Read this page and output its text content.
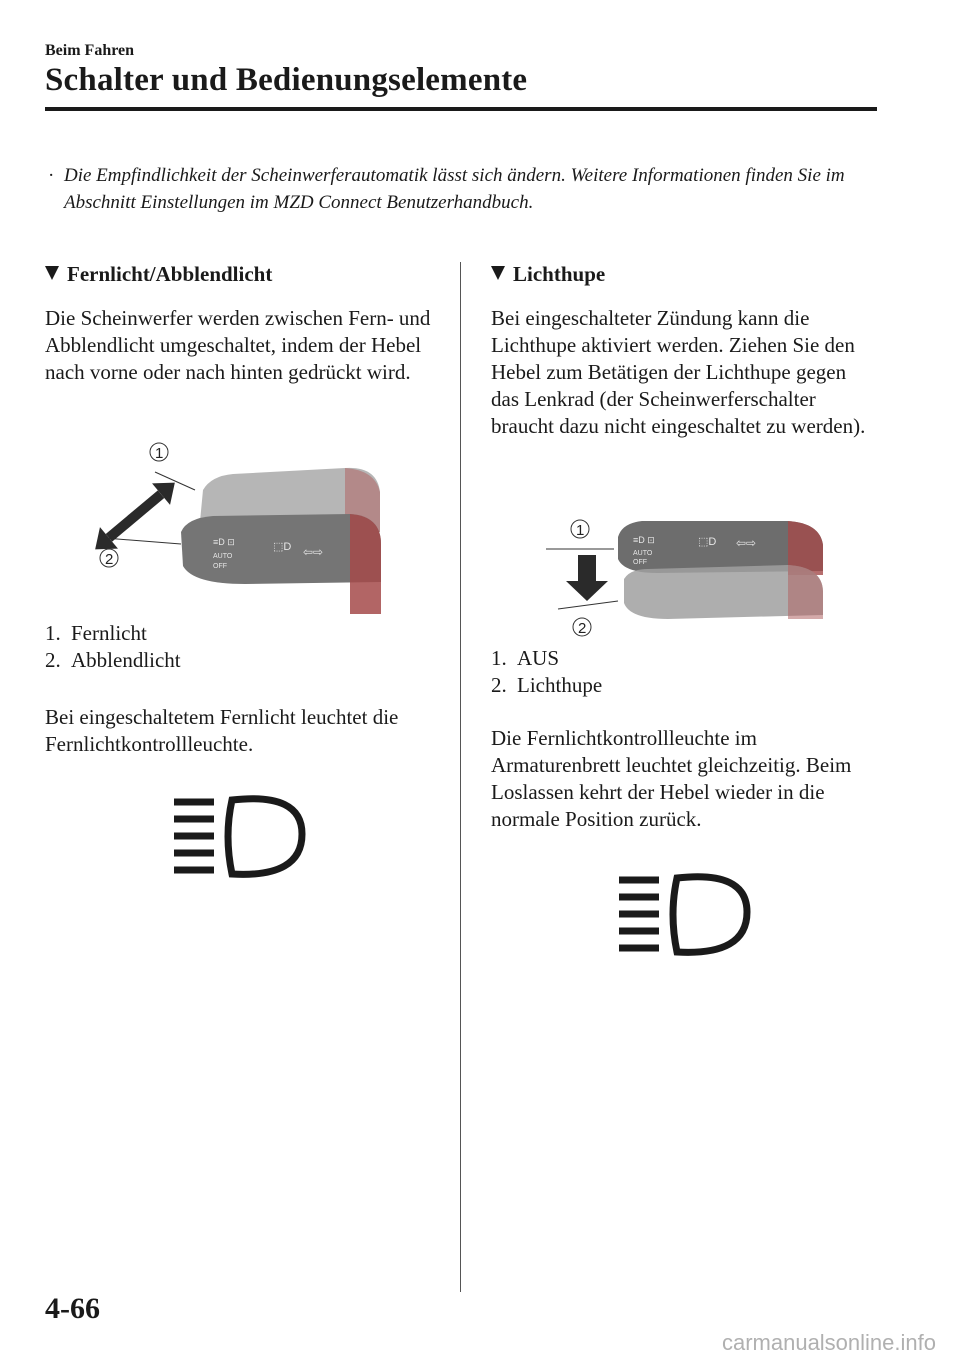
Beim Fahren
Schalter und Bedienungselemente
· Die Empfindlichkeit der Scheinwerferautomatik lässt sich ändern. Weitere Informationen finden Sie im Abschnitt Einstellungen im MZD Connect Benutzerhandbuch.
Fernlicht/Abblendlicht
Die Scheinwerfer werden zwischen Fern- und Abblendlicht umgeschaltet, indem der Hebel nach vorne oder nach hinten gedrückt wird.
≡D ⊡
AUTO
OFF
⬚D ⇦⇨
1
2
1. Fernlicht
2. Abblendlicht
Bei eingeschaltetem Fernlicht leuchtet die Fernlichtkontrollleuchte.
Lichthupe
Bei eingeschalteter Zündung kann die Lichthupe aktiviert werden. Ziehen Sie den Hebel zum Betätigen der Lichthupe gegen das Lenkrad (der Scheinwerferschalter braucht dazu nicht eingeschaltet zu werden).
≡D ⊡
AUTO
OFF
⬚D ⇦⇨
1
2
1. AUS
2. Lichthupe
Die Fernlichtkontrollleuchte im Armaturenbrett leuchtet gleichzeitig. Beim Loslassen kehrt der Hebel wieder in die normale Position zurück.
4-66
carmanualsonline.info
